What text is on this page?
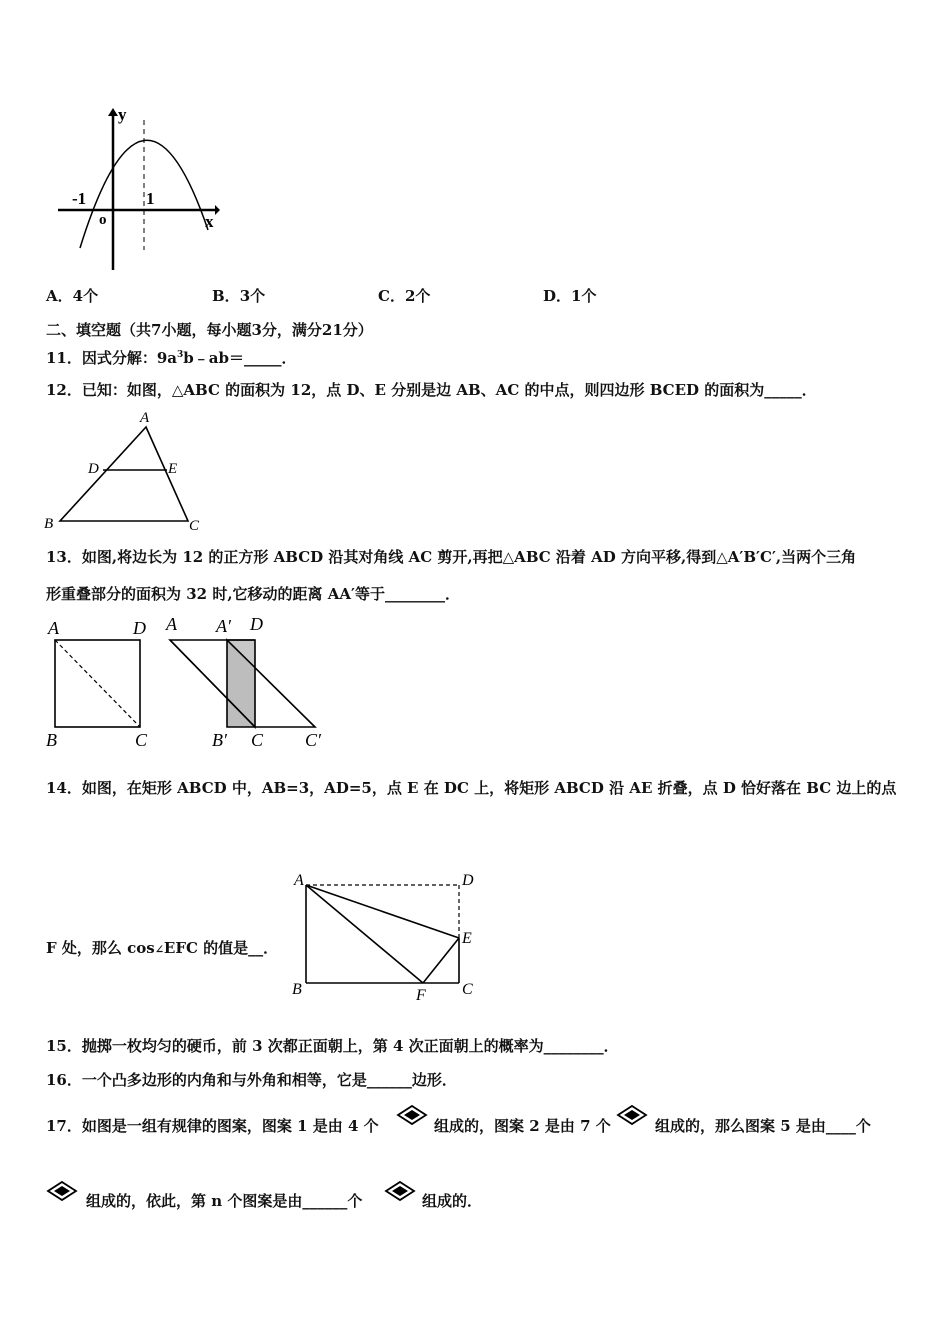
y
x
o
-1	1
A．4个	B．3个	C．2个	D．1个
二、填空题（共7小题，每小题3分，满分21分）
11．因式分解：$9a^3b﹣ab=\_\_\_\_\_$．
12．已知：如图，△ABC 的面积为 12，点 D、E 分别是边 AB、AC 的中点，则四边形 BCED 的面积为_____．
A
D	E
B	C
13．如图,将边长为 12 的正方形 ABCD 沿其对角线 AC 剪开,再把△ABC 沿着 AD 方向平移,得到△A′B′C′,当两个三角
形重叠部分的面积为 32 时,它移动的距离 AA′等于________．
A	D
B	C
A A′ D
B′ C C′
14．如图，在矩形 ABCD 中，AB=3，AD=5，点 E 在 DC 上，将矩形 ABCD 沿 AE 折叠，点 D 恰好落在 BC 边上的点
F 处，那么 cos∠EFC 的值是__．
A	D
E
B	F C
15．抛掷一枚均匀的硬币，前 3 次都正面朝上，第 4 次正面朝上的概率为________．
16．一个凸多边形的内角和与外角和相等，它是______边形．
17．如图是一组有规律的图案，图案 1 是由 4 个	组成的，图案 2 是由 7 个	组成的，那么图案 5 是由____个
组成的，依此，第 n 个图案是由______个	组成的．
